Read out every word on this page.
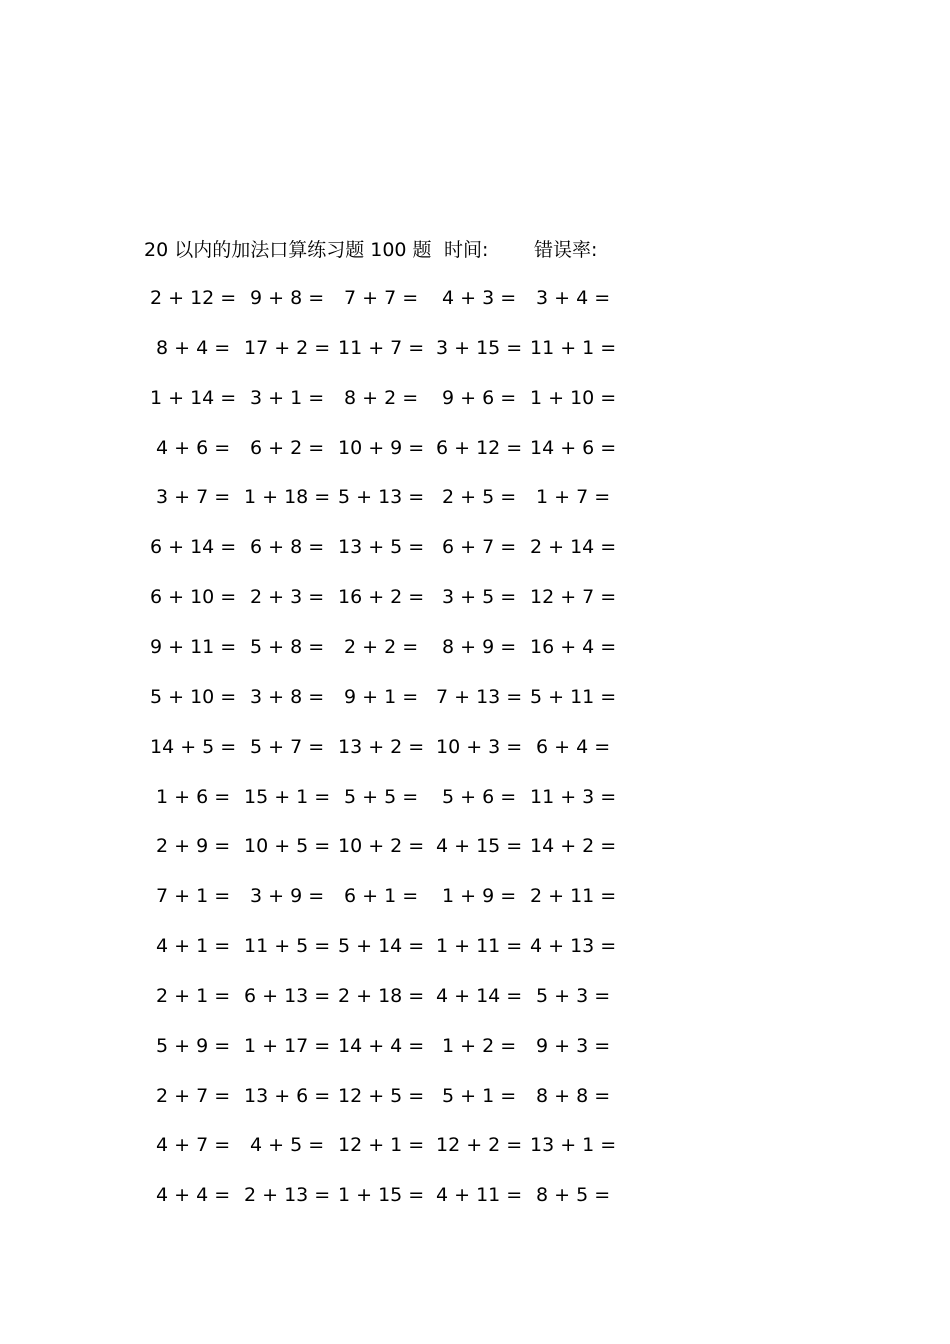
20 以内的加法口算练习题 100 题 时间: 错误率:
2 + 12 = 9 + 8 =	7 + 7 =	4 + 3 =	3 + 4 =
8 + 4 = 17 + 2 = 11 + 7 = 3 + 15 = 11 + 1 =
1 + 14 = 3 + 1 =	8 + 2 =	9 + 6 = 1 + 10 =
4 + 6 =	6 + 2 = 10 + 9 = 6 + 12 = 14 + 6 =
3 + 7 = 1 + 18 = 5 + 13 = 2 + 5 =	1 + 7 =
6 + 14 = 6 + 8 = 13 + 5 = 6 + 7 = 2 + 14 =
6 + 10 = 2 + 3 = 16 + 2 = 3 + 5 = 12 + 7 =
9 + 11 = 5 + 8 =	2 + 2 =	8 + 9 = 16 + 4 =
5 + 10 = 3 + 8 =	9 + 1 = 7 + 13 = 5 + 11 =
14 + 5 = 5 + 7 = 13 + 2 = 10 + 3 = 6 + 4 =
1 + 6 = 15 + 1 = 5 + 5 =	5 + 6 = 11 + 3 =
2 + 9 = 10 + 5 = 10 + 2 = 4 + 15 = 14 + 2 =
7 + 1 =	3 + 9 =	6 + 1 =	1 + 9 = 2 + 11 =
4 + 1 = 11 + 5 = 5 + 14 = 1 + 11 = 4 + 13 =
2 + 1 = 6 + 13 = 2 + 18 = 4 + 14 = 5 + 3 =
5 + 9 = 1 + 17 = 14 + 4 = 1 + 2 =	9 + 3 =
2 + 7 = 13 + 6 = 12 + 5 = 5 + 1 =	8 + 8 =
4 + 7 =	4 + 5 = 12 + 1 = 12 + 2 = 13 + 1 =
4 + 4 = 2 + 13 = 1 + 15 = 4 + 11 = 8 + 5 =
